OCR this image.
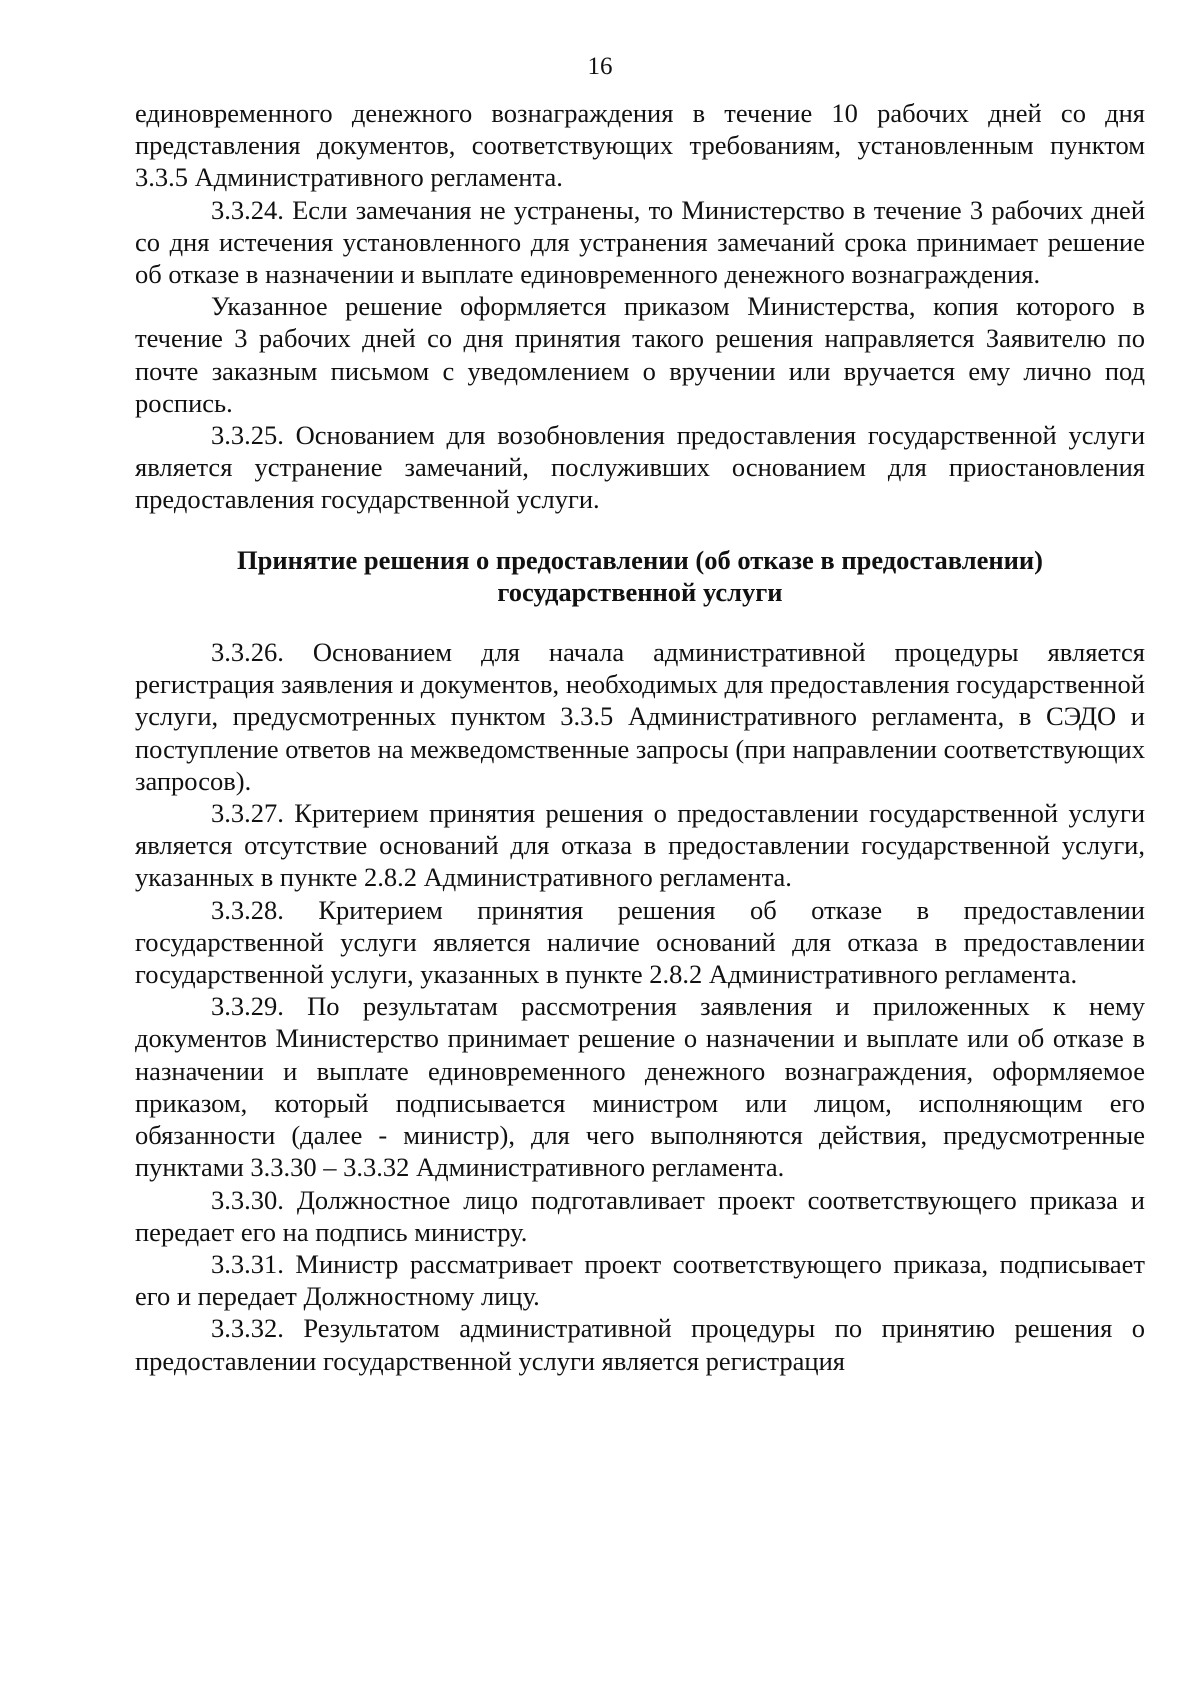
16

единовременного денежного вознаграждения в течение 10 рабочих дней со дня представления документов, соответствующих требованиям, установленным пунктом 3.3.5 Административного регламента.

3.3.24. Если замечания не устранены, то Министерство в течение 3 рабочих дней со дня истечения установленного для устранения замечаний срока принимает решение об отказе в назначении и выплате единовременного денежного вознаграждения.

Указанное решение оформляется приказом Министерства, копия которого в течение 3 рабочих дней со дня принятия такого решения направляется Заявителю по почте заказным письмом с уведомлением о вручении или вручается ему лично под роспись.

3.3.25. Основанием для возобновления предоставления государственной услуги является устранение замечаний, послуживших основанием для приостановления предоставления государственной услуги.

Принятие решения о предоставлении (об отказе в предоставлении)
государственной услуги

3.3.26. Основанием для начала административной процедуры является регистрация заявления и документов, необходимых для предоставления государственной услуги, предусмотренных пунктом 3.3.5 Административного регламента, в СЭДО и поступление ответов на межведомственные запросы (при направлении соответствующих запросов).

3.3.27. Критерием принятия решения о предоставлении государственной услуги является отсутствие оснований для отказа в предоставлении государственной услуги, указанных в пункте 2.8.2 Административного регламента.

3.3.28. Критерием принятия решения об отказе в предоставлении государственной услуги является наличие оснований для отказа в предоставлении государственной услуги, указанных в пункте 2.8.2 Административного регламента.

3.3.29. По результатам рассмотрения заявления и приложенных к нему документов Министерство принимает решение о назначении и выплате или об отказе в назначении и выплате единовременного денежного вознаграждения, оформляемое приказом, который подписывается министром или лицом, исполняющим его обязанности (далее - министр), для чего выполняются действия, предусмотренные пунктами 3.3.30 – 3.3.32 Административного регламента.

3.3.30. Должностное лицо подготавливает проект соответствующего приказа и передает его на подпись министру.

3.3.31. Министр рассматривает проект соответствующего приказа, подписывает его и передает Должностному лицу.

3.3.32. Результатом административной процедуры по принятию решения о предоставлении государственной услуги является регистрация
